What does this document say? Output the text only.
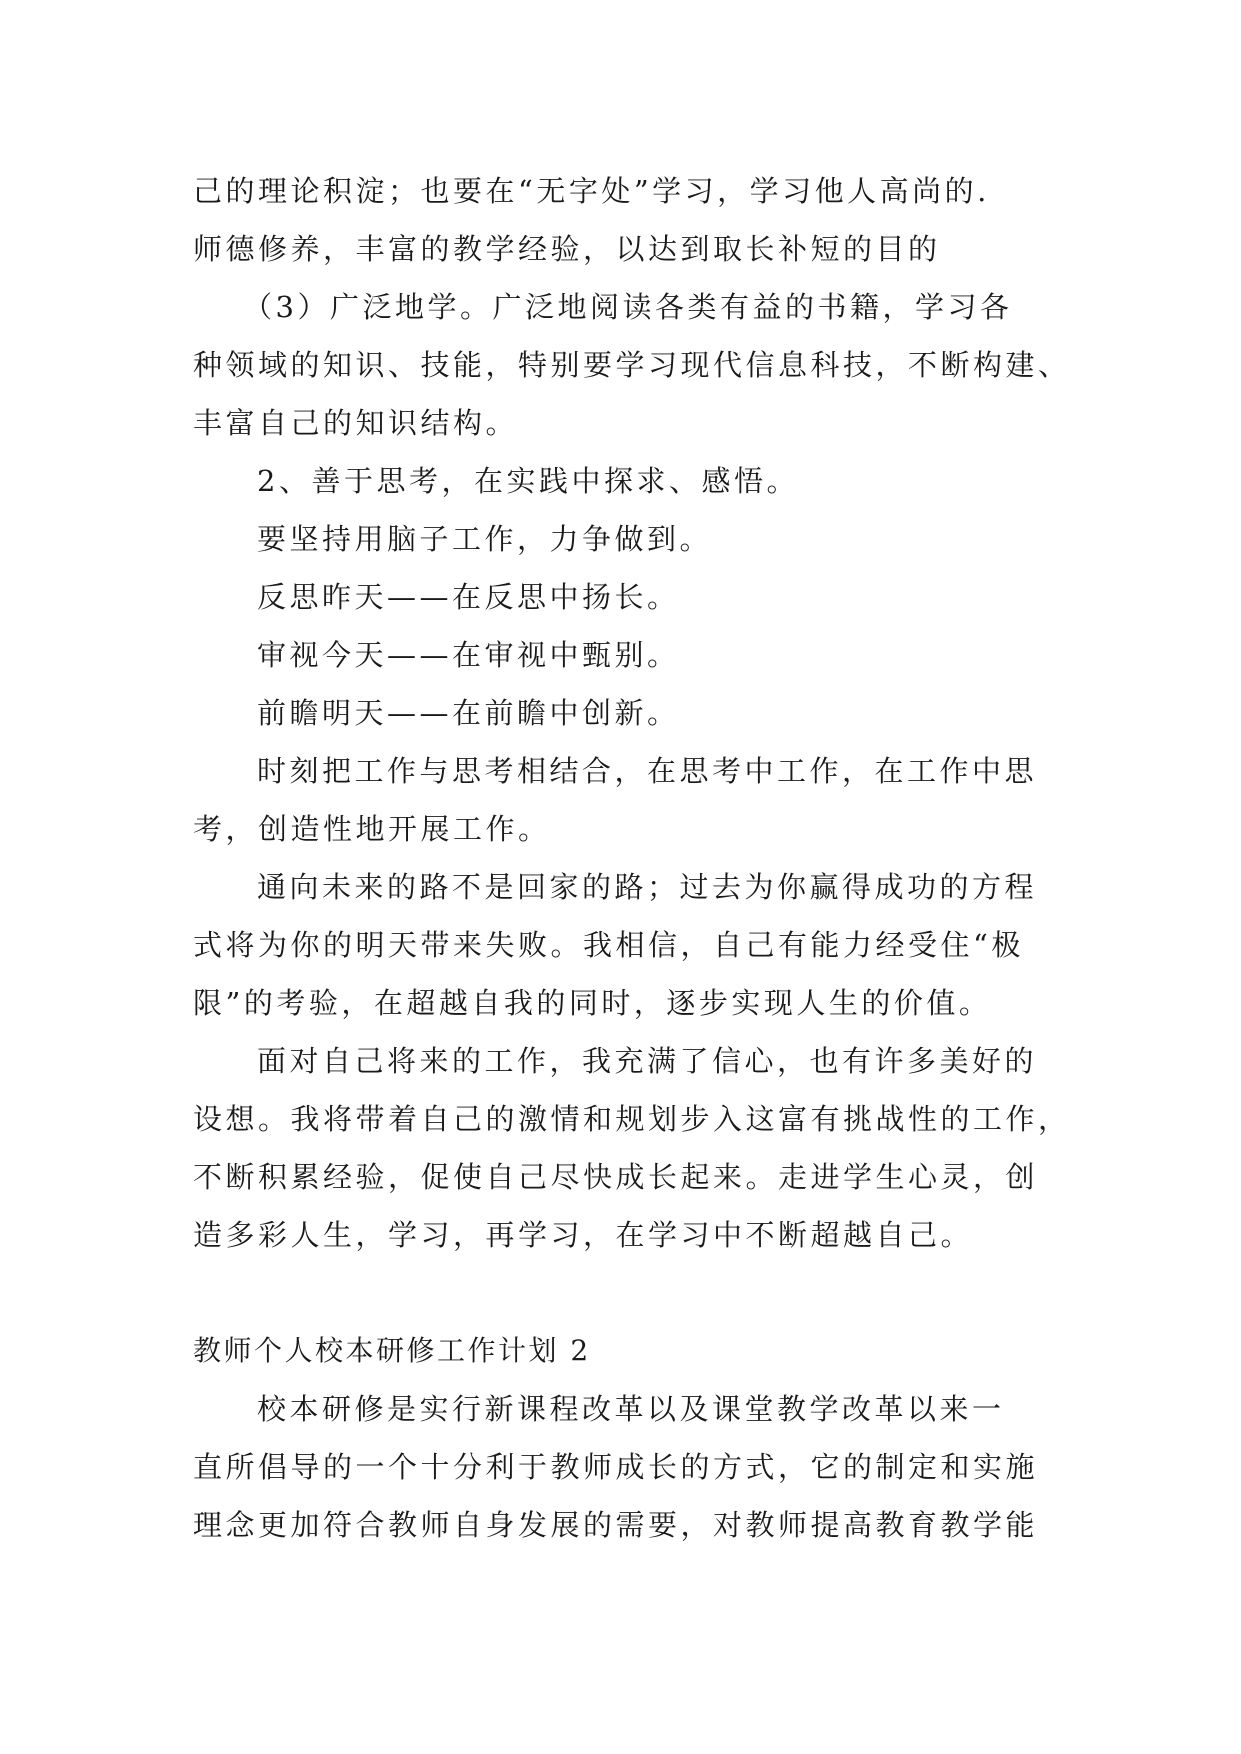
己的理论积淀；也要在“无字处”学习，学习他人高尚的.
师德修养，丰富的教学经验，以达到取长补短的目的
（3）广泛地学。广泛地阅读各类有益的书籍，学习各
种领域的知识、技能，特别要学习现代信息科技，不断构建、
丰富自己的知识结构。
2、善于思考，在实践中探求、感悟。
要坚持用脑子工作，力争做到。
反思昨天——在反思中扬长。
审视今天——在审视中甄别。
前瞻明天——在前瞻中创新。
时刻把工作与思考相结合，在思考中工作，在工作中思
考，创造性地开展工作。
通向未来的路不是回家的路；过去为你赢得成功的方程
式将为你的明天带来失败。我相信，自己有能力经受住“极
限”的考验，在超越自我的同时，逐步实现人生的价值。
面对自己将来的工作，我充满了信心，也有许多美好的
设想。我将带着自己的激情和规划步入这富有挑战性的工作，
不断积累经验，促使自己尽快成长起来。走进学生心灵，创
造多彩人生，学习，再学习，在学习中不断超越自己。
教师个人校本研修工作计划 2
校本研修是实行新课程改革以及课堂教学改革以来一
直所倡导的一个十分利于教师成长的方式，它的制定和实施
理念更加符合教师自身发展的需要，对教师提高教育教学能
